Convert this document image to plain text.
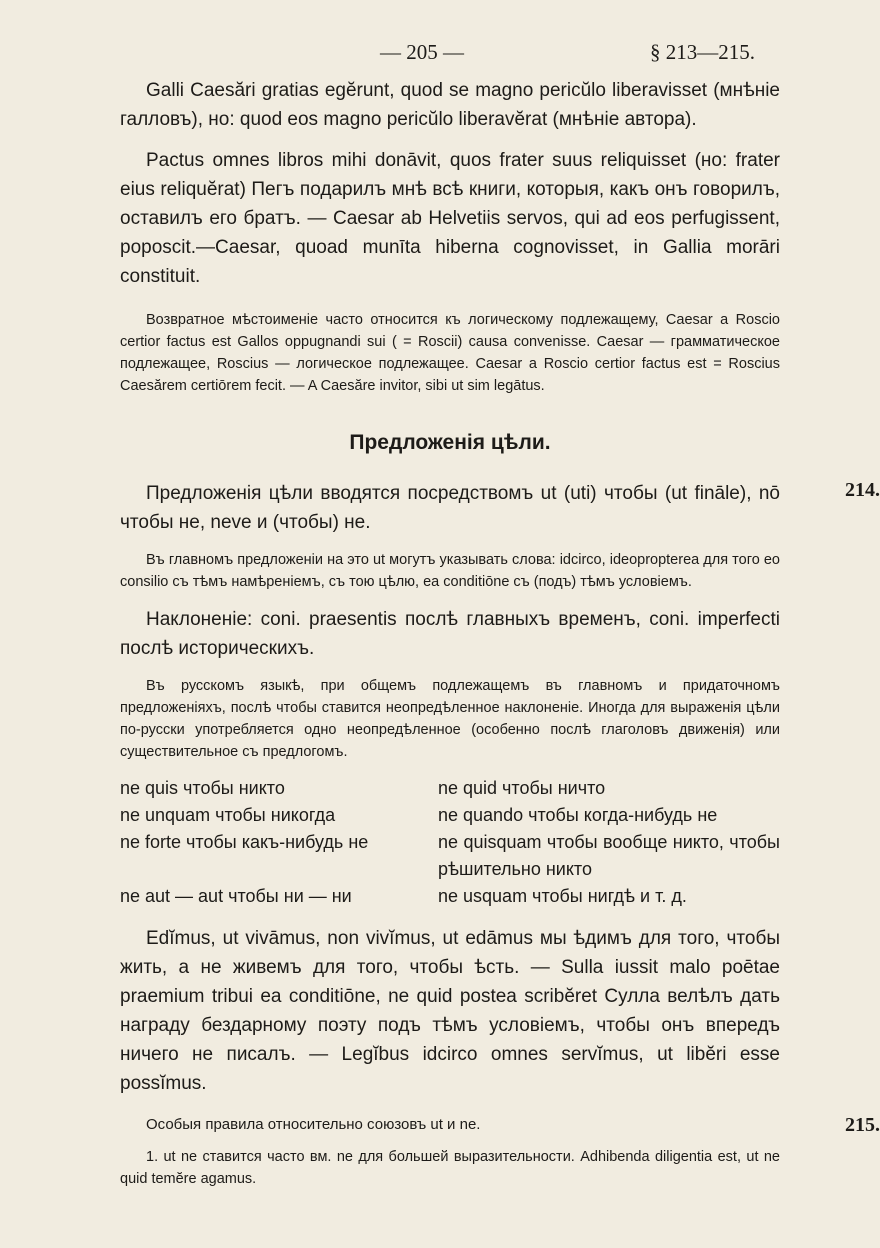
— 205 —	§ 213—215.

Galli Caesări gratias egĕrunt, quod se magno pericŭlo liberavisset (мнѣніе галловъ), но: quod eos magno pericŭlo liberavĕrat (мнѣніе автора).

Pactus omnes libros mihi donāvit, quos frater suus reliquisset (но: frater eius reliquĕrat) Пегъ подарилъ мнѣ всѣ книги, которыя, какъ онъ говорилъ, оставилъ его братъ. — Caesar ab Helvetiis servos, qui ad eos perfugissent, poposcit.—Caesar, quoad munīta hiberna cognovisset, in Gallia morāri constituit.

Возвратное мѣстоименіе часто относится къ логическому подлежащему, Caesar a Roscio certior factus est Gallos oppugnandi sui ( = Roscii) causa convenisse. Caesar — грамматическое подлежащее, Roscius — логическое подлежащее. Caesar a Roscio certior factus est = Roscius Caesărem certiōrem fecit. — A Caesăre invitor, sibi ut sim legātus.

Предложенія цѣли.

Предложенія цѣли вводятся посредствомъ ut (uti) чтобы (ut fināle), nō чтобы не, neve и (чтобы) не.

214.

Въ главномъ предложеніи на это ut могутъ указывать слова: idcirco, ideoprоpterea для того eo consilio съ тѣмъ намѣреніемъ, съ тою цѣлю, ea conditiōne съ (подъ) тѣмъ условіемъ.

Наклоненіе: coni. praesentis послѣ главныхъ временъ, coni. imperfecti послѣ историческихъ.

Въ русскомъ языкѣ, при общемъ подлежащемъ въ главномъ и придаточномъ предложеніяхъ, послѣ чтобы ставится неопредѣленное наклоненіе. Иногда для выраженія цѣли по-русски употребляется одно неопредѣленное (особенно послѣ глаголовъ движенія) или существительное съ предлогомъ.

ne quis чтобы никто	ne quid чтобы ничто
ne unquam чтобы никогда	ne quando чтобы когда-нибудь не
ne forte чтобы какъ-нибудь не	ne quisquam чтобы вообще никто, чтобы рѣшительно никто
ne aut — aut чтобы ни — ни	ne usquam чтобы нигдѣ и т. д.

Edĭmus, ut vivāmus, non vivĭmus, ut edāmus мы ѣдимъ для того, чтобы жить, а не живемъ для того, чтобы ѣсть. — Sulla iussit malo poētae praemium tribui ea conditiōne, ne quid postea scribĕret Сулла велѣлъ дать награду бездарному поэту подъ тѣмъ условіемъ, чтобы онъ впередъ ничего не писалъ. — Legĭbus idcirco omnes servĭmus, ut libĕri esse possĭmus.

Особыя правила относительно союзовъ ut и ne.	215.

1. ut ne ставится часто вм. ne для большей выразительности. Adhibenda diligentia est, ut ne quid temĕre agamus.
